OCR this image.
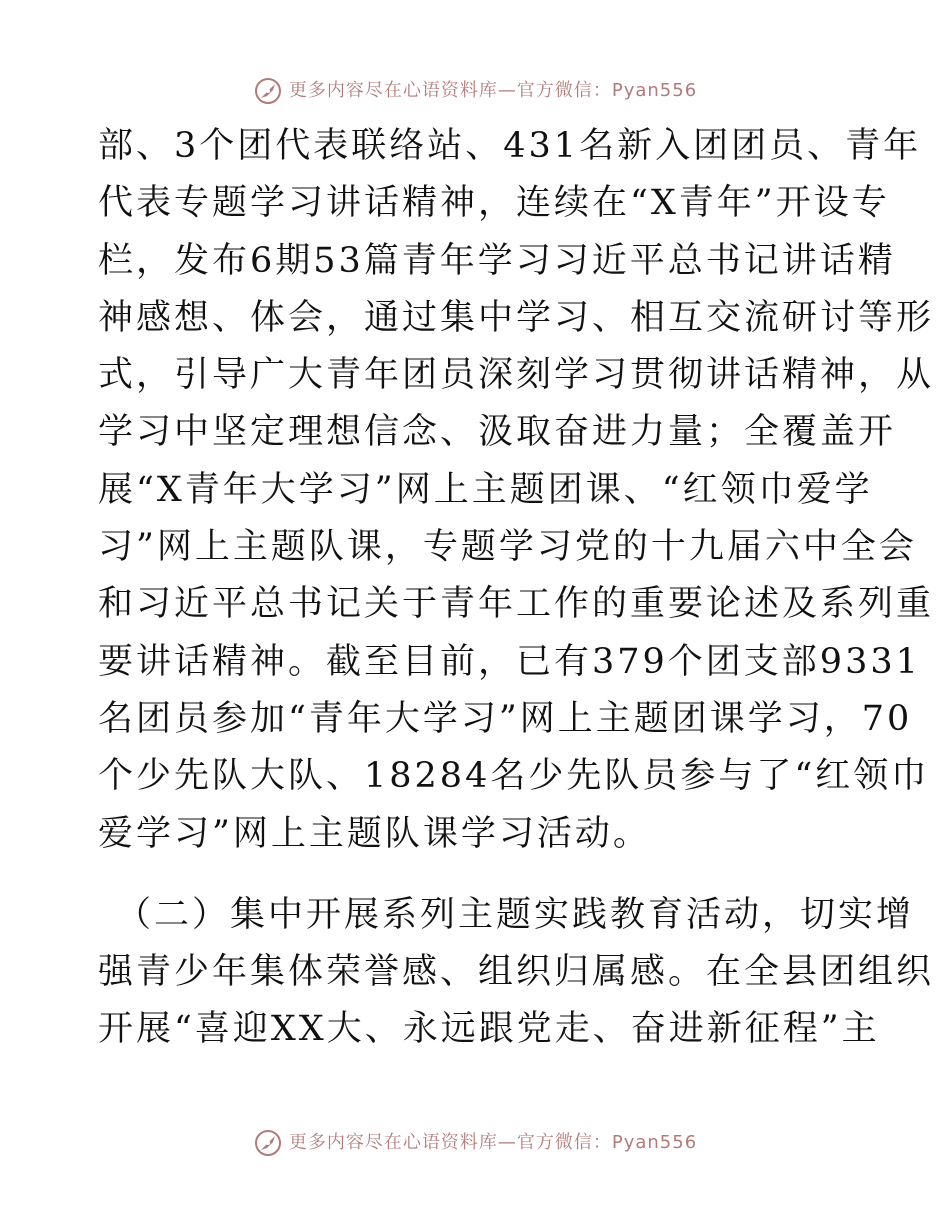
更多内容尽在心语资料库—官方微信：Pyan556
部、3个团代表联络站、431名新入团团员、青年
代表专题学习讲话精神，连续在“X青年”开设专
栏，发布6期53篇青年学习习近平总书记讲话精
神感想、体会，通过集中学习、相互交流研讨等形
式，引导广大青年团员深刻学习贯彻讲话精神，从
学习中坚定理想信念、汲取奋进力量；全覆盖开
展“X青年大学习”网上主题团课、“红领巾爱学
习”网上主题队课，专题学习党的十九届六中全会
和习近平总书记关于青年工作的重要论述及系列重
要讲话精神。截至目前，已有379个团支部9331
名团员参加“青年大学习”网上主题团课学习，70
个少先队大队、18284名少先队员参与了“红领巾
爱学习”网上主题队课学习活动。
（二）集中开展系列主题实践教育活动，切实增
强青少年集体荣誉感、组织归属感。在全县团组织
开展“喜迎XX大、永远跟党走、奋进新征程”主
更多内容尽在心语资料库—官方微信：Pyan556
